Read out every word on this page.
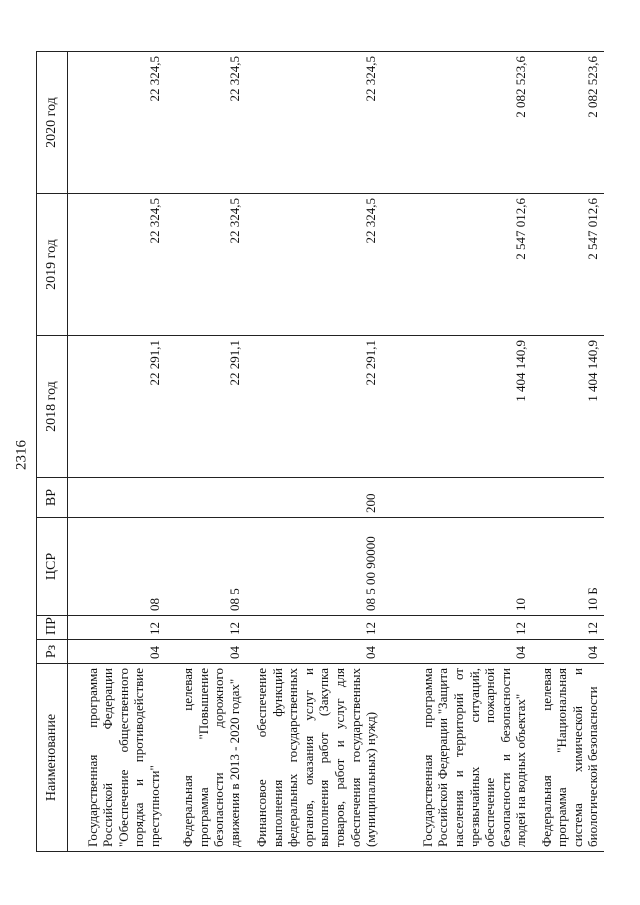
2316
Наименование	Рз	ПР	ЦСР	ВР	2018 год	2019 год	2020 год
Государственная программа Российской Федерации "Обеспечение общественного порядка и противодействие преступности"	04	12	08		22 291,1	22 324,5	22 324,5
Федеральная целевая программа "Повышение безопасности дорожного движения в 2013 - 2020 годах"	04	12	08 5		22 291,1	22 324,5	22 324,5
Финансовое обеспечение выполнения функций федеральных государственных органов, оказания услуг и выполнения работ (Закупка товаров, работ и услуг для обеспечения государственных (муниципальных) нужд)	04	12	08 5 00 90000	200	22 291,1	22 324,5	22 324,5
Государственная программа Российской Федерации "Защита населения и территорий от чрезвычайных ситуаций, обеспечение пожарной безопасности и безопасности людей на водных объектах"	04	12	10		1 404 140,9	2 547 012,6	2 082 523,6
Федеральная целевая программа "Национальная система химической и биологической безопасности	04	12	10 Б		1 404 140,9	2 547 012,6	2 082 523,6
